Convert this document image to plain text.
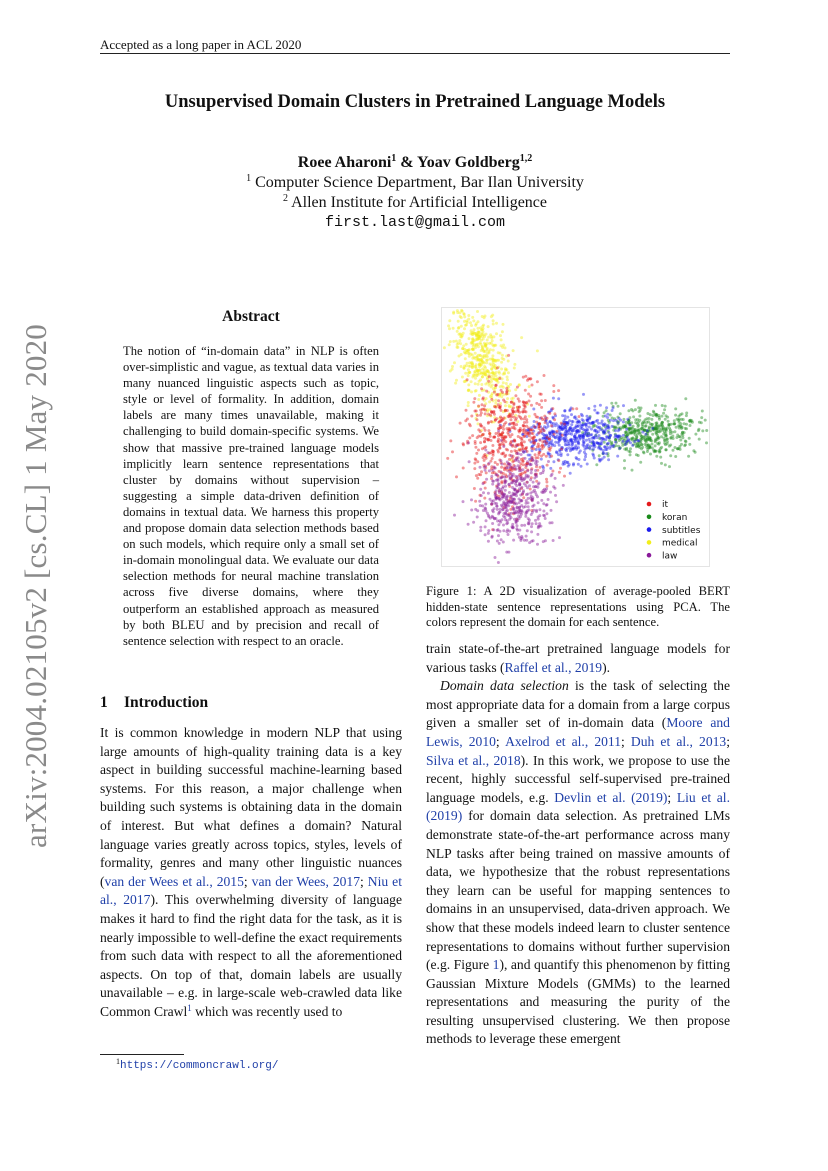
Accepted as a long paper in ACL 2020
arXiv:2004.02105v2 [cs.CL] 1 May 2020
Unsupervised Domain Clusters in Pretrained Language Models
Roee Aharoni$^1$ & Yoav Goldberg$^{1,2}$
$^1$ Computer Science Department, Bar Ilan University
$^2$ Allen Institute for Artificial Intelligence
first.last@gmail.com
Abstract
The notion of “in-domain data” in NLP is often over-simplistic and vague, as textual data varies in many nuanced linguistic aspects such as topic, style or level of formality. In addition, domain labels are many times unavailable, making it challenging to build domain-specific systems. We show that massive pre-trained language models implicitly learn sentence representations that cluster by domains without supervision – suggesting a simple data-driven definition of domains in textual data. We harness this property and propose domain data selection methods based on such models, which require only a small set of in-domain monolingual data. We evaluate our data selection methods for neural machine translation across five diverse domains, where they outperform an established approach as measured by both BLEU and by precision and recall of sentence selection with respect to an oracle.
1 Introduction
It is common knowledge in modern NLP that using large amounts of high-quality training data is a key aspect in building successful machine-learning based systems. For this reason, a major challenge when building such systems is obtaining data in the domain of interest. But what defines a domain? Natural language varies greatly across topics, styles, levels of formality, genres and many other linguistic nuances (van der Wees et al., 2015; van der Wees, 2017; Niu et al., 2017). This overwhelming diversity of language makes it hard to find the right data for the task, as it is nearly impossible to well-define the exact requirements from such data with respect to all the aforementioned aspects. On top of that, domain labels are usually unavailable – e.g. in large-scale web-crawled data like Common Crawl$^1$ which was recently used to
$^1$https://commoncrawl.org/
it
koran
subtitles
medical
law
Figure 1: A 2D visualization of average-pooled BERT hidden-state sentence representations using PCA. The colors represent the domain for each sentence.

train state-of-the-art pretrained language models for various tasks (Raffel et al., 2019).

Domain data selection is the task of selecting the most appropriate data for a domain from a large corpus given a smaller set of in-domain data (Moore and Lewis, 2010; Axelrod et al., 2011; Duh et al., 2013; Silva et al., 2018). In this work, we propose to use the recent, highly successful self-supervised pre-trained language models, e.g. Devlin et al. (2019); Liu et al. (2019) for domain data selection. As pretrained LMs demonstrate state-of-the-art performance across many NLP tasks after being trained on massive amounts of data, we hypothesize that the robust representations they learn can be useful for mapping sentences to domains in an unsupervised, data-driven approach. We show that these models indeed learn to cluster sentence representations to domains without further supervision (e.g. Figure 1), and quantify this phenomenon by fitting Gaussian Mixture Models (GMMs) to the learned representations and measuring the purity of the resulting unsupervised clustering. We then propose methods to leverage these emergent
